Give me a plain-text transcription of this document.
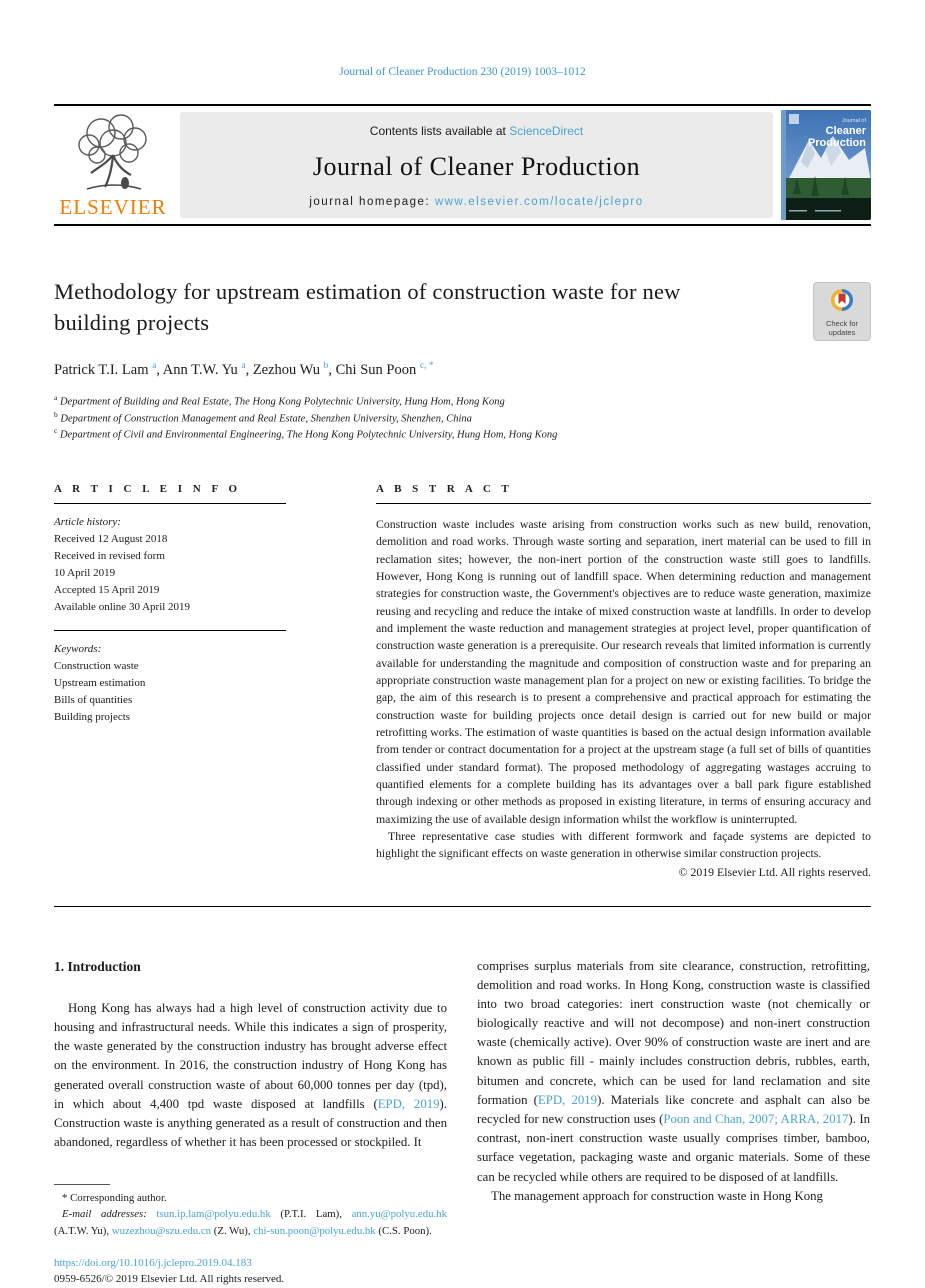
Journal of Cleaner Production 230 (2019) 1003–1012
ELSEVIER
Contents lists available at ScienceDirect
Journal of Cleaner Production
journal homepage: www.elsevier.com/locate/jclepro
Journal of
Cleaner
Production
Methodology for upstream estimation of construction waste for new building projects	Check for updates
Patrick T.I. Lam $^a$, Ann T.W. Yu $^a$, Zezhou Wu $^b$, Chi Sun Poon $^{c, *}$
$^a$ Department of Building and Real Estate, The Hong Kong Polytechnic University, Hung Hom, Hong Kong
$^b$ Department of Construction Management and Real Estate, Shenzhen University, Shenzhen, China
$^c$ Department of Civil and Environmental Engineering, The Hong Kong Polytechnic University, Hung Hom, Hong Kong
A R T I C L E I N F O
Article history:
Received 12 August 2018
Received in revised form
10 April 2019
Accepted 15 April 2019
Available online 30 April 2019
Keywords:
Construction waste
Upstream estimation
Bills of quantities
Building projects
A B S T R A C T

Construction waste includes waste arising from construction works such as new build, renovation, demolition and road works. Through waste sorting and separation, inert material can be used to fill in reclamation sites; however, the non-inert portion of the construction waste still goes to landfills. However, Hong Kong is running out of landfill space. When determining reduction and management strategies for construction waste, the Government's objectives are to reduce waste generation, maximize reusing and recycling and reduce the intake of mixed construction waste at landfills. In order to develop and implement the waste reduction and management strategies at project level, proper quantification of construction waste generation is a prerequisite. Our research reveals that limited information is currently available for understanding the magnitude and composition of construction waste and for preparing an appropriate construction waste management plan for a project on new or existing facilities. To bridge the gap, the aim of this research is to present a comprehensive and practical approach for estimating the construction waste for building projects once detail design is carried out for new build or major retrofitting works. The estimation of waste quantities is based on the actual design information available from tender or contract documentation for a project at the upstream stage (a full set of bills of quantities classified under standard format). The proposed methodology of aggregating wastages accruing to quantified elements for a complete building has its advantages over a ball park figure established through indexing or other methods as proposed in existing literature, in terms of ensuring accuracy and maximizing the use of available design information whilst the workflow is uninterrupted.

Three representative case studies with different formwork and façade systems are depicted to highlight the significant effects on waste generation in otherwise similar construction projects.

© 2019 Elsevier Ltd. All rights reserved.
1. Introduction

Hong Kong has always had a high level of construction activity due to housing and infrastructural needs. While this indicates a sign of prosperity, the waste generated by the construction industry has brought adverse effect on the environment. In 2016, the construction industry of Hong Kong has generated overall construction waste of about 60,000 tonnes per day (tpd), in which about 4,400 tpd waste disposed at landfills (EPD, 2019). Construction waste is anything generated as a result of construction and then abandoned, regardless of whether it has been processed or stockpiled. It

* Corresponding author.
E-mail addresses: tsun.ip.lam@polyu.edu.hk (P.T.I. Lam), ann.yu@polyu.edu.hk (A.T.W. Yu), wuzezhou@szu.edu.cn (Z. Wu), chi-sun.poon@polyu.edu.hk (C.S. Poon).
https://doi.org/10.1016/j.jclepro.2019.04.183
0959-6526/© 2019 Elsevier Ltd. All rights reserved.

comprises surplus materials from site clearance, construction, retrofitting, demolition and road works. In Hong Kong, construction waste is classified into two broad categories: inert construction waste (not chemically or biologically reactive and will not decompose) and non-inert construction waste (chemically active). Over 90% of construction waste are inert and are known as public fill - mainly includes construction debris, rubbles, earth, bitumen and concrete, which can be used for land reclamation and site formation (EPD, 2019). Materials like concrete and asphalt can also be recycled for new construction uses (Poon and Chan, 2007; ARRA, 2017). In contrast, non-inert construction waste usually comprises timber, bamboo, surface vegetation, packaging waste and organic materials. Some of these can be recycled while others are required to be disposed of at landfills.

The management approach for construction waste in Hong Kong
